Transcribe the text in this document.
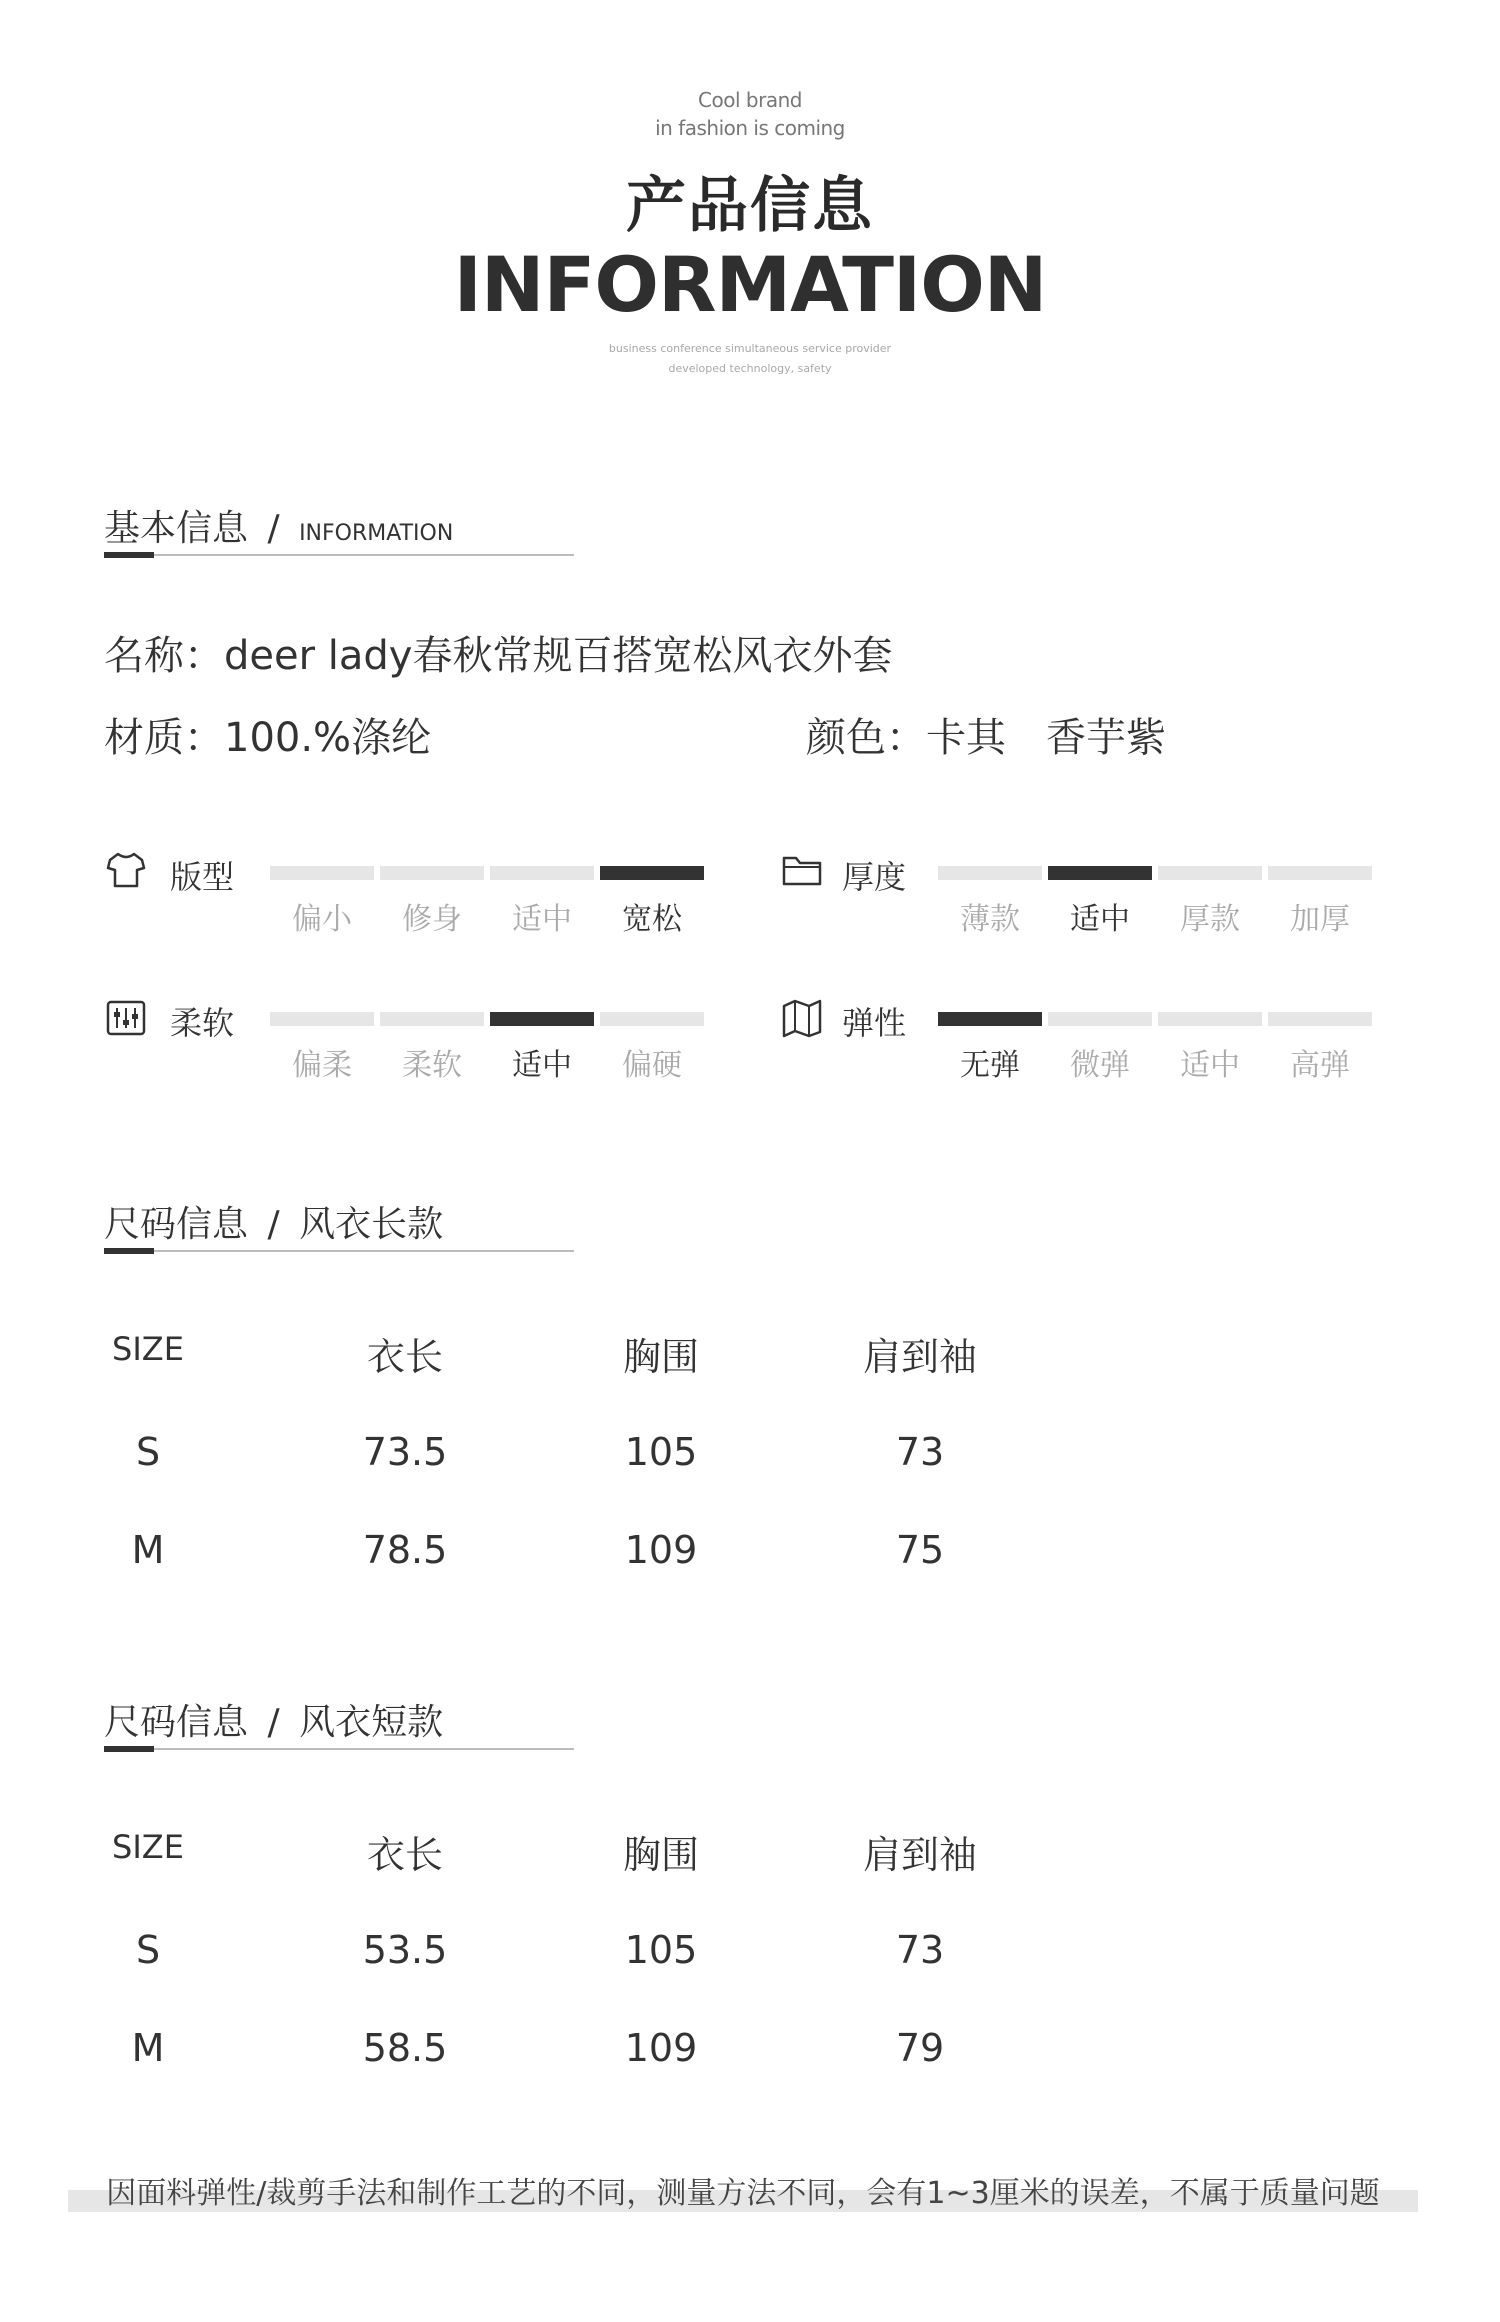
Cool brand
in fashion is coming
产品信息
INFORMATION
business conference simultaneous service provider
developed technology, safety
基本信息 / INFORMATION
名称：deer lady春秋常规百搭宽松风衣外套
材质：100.%涤纶	颜色：卡其　香芋紫
版型
偏小	修身	适中	宽松
厚度
薄款	适中	厚款	加厚
柔软
偏柔	柔软	适中	偏硬
弹性
无弹	微弹	适中	高弹
尺码信息 / 风衣长款
SIZE	衣长	胸围	肩到袖
S	73.5	105	73
M	78.5	109	75
尺码信息 / 风衣短款
SIZE	衣长	胸围	肩到袖
S	53.5	105	73
M	58.5	109	79
因面料弹性/裁剪手法和制作工艺的不同，测量方法不同，会有1~3厘米的误差，不属于质量问题
